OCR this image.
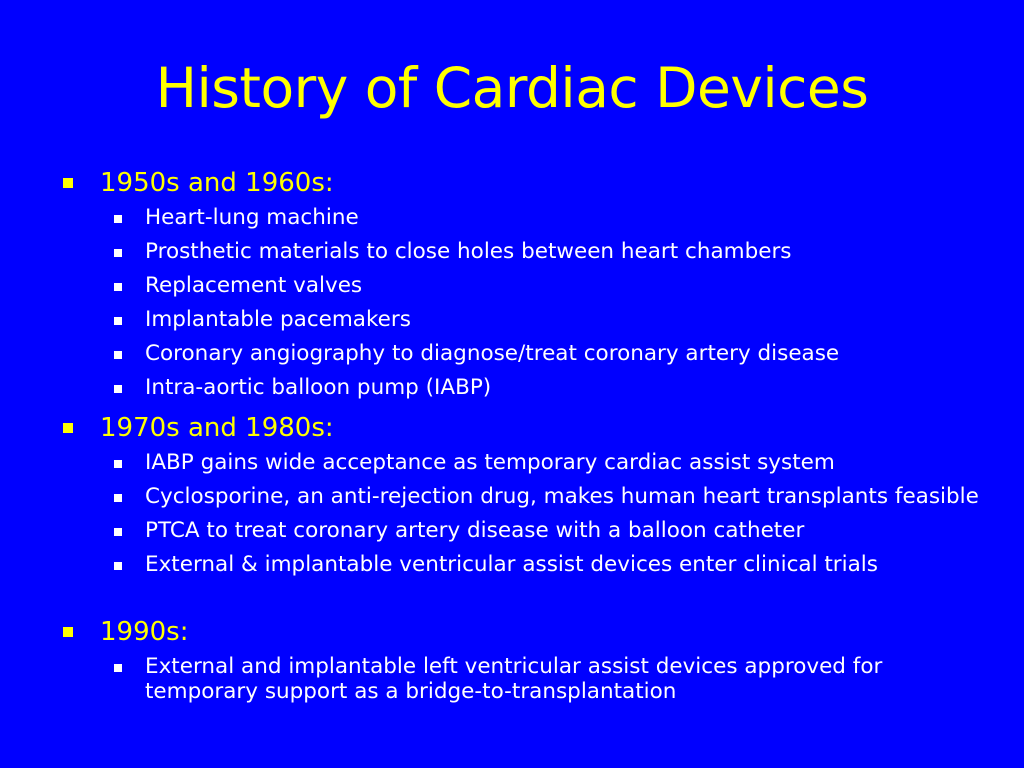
History of Cardiac Devices
1950s and 1960s:
Heart-lung machine
Prosthetic materials to close holes between heart chambers
Replacement valves
Implantable pacemakers
Coronary angiography to diagnose/treat coronary artery disease
Intra-aortic balloon pump (IABP)
1970s and 1980s:
IABP gains wide acceptance as temporary cardiac assist system
Cyclosporine, an anti-rejection drug, makes human heart transplants feasible
PTCA to treat coronary artery disease with a balloon catheter
External & implantable ventricular assist devices enter clinical trials
1990s:
External and implantable left ventricular assist devices approved for temporary support as a bridge-to-transplantation
